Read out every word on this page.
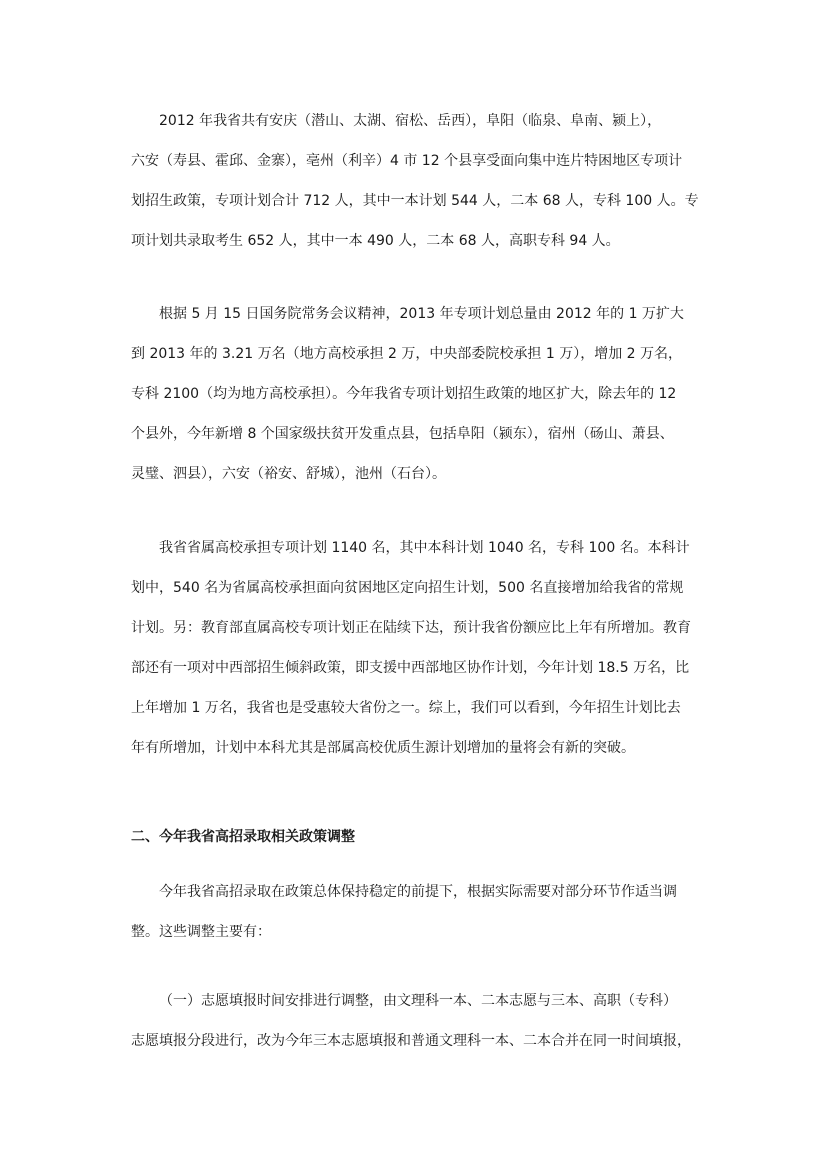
2012 年我省共有安庆（潜山、太湖、宿松、岳西），阜阳（临泉、阜南、颍上），
六安（寿县、霍邱、金寨），亳州（利辛）4 市 12 个县享受面向集中连片特困地区专项计
划招生政策，专项计划合计 712 人，其中一本计划 544 人，二本 68 人，专科 100 人。专
项计划共录取考生 652 人，其中一本 490 人，二本 68 人，高职专科 94 人。
根据 5 月 15 日国务院常务会议精神，2013 年专项计划总量由 2012 年的 1 万扩大
到 2013 年的 3.21 万名（地方高校承担 2 万，中央部委院校承担 1 万），增加 2 万名，
专科 2100（均为地方高校承担）。今年我省专项计划招生政策的地区扩大，除去年的 12
个县外，今年新增 8 个国家级扶贫开发重点县，包括阜阳（颍东），宿州（砀山、萧县、
灵璧、泗县），六安（裕安、舒城），池州（石台）。
我省省属高校承担专项计划 1140 名，其中本科计划 1040 名，专科 100 名。本科计
划中，540 名为省属高校承担面向贫困地区定向招生计划，500 名直接增加给我省的常规
计划。另：教育部直属高校专项计划正在陆续下达，预计我省份额应比上年有所增加。教育
部还有一项对中西部招生倾斜政策，即支援中西部地区协作计划，今年计划 18.5 万名，比
上年增加 1 万名，我省也是受惠较大省份之一。综上，我们可以看到，今年招生计划比去
年有所增加，计划中本科尤其是部属高校优质生源计划增加的量将会有新的突破。
二、今年我省高招录取相关政策调整
今年我省高招录取在政策总体保持稳定的前提下，根据实际需要对部分环节作适当调
整。这些调整主要有：
（一）志愿填报时间安排进行调整，由文理科一本、二本志愿与三本、高职（专科）
志愿填报分段进行，改为今年三本志愿填报和普通文理科一本、二本合并在同一时间填报，
